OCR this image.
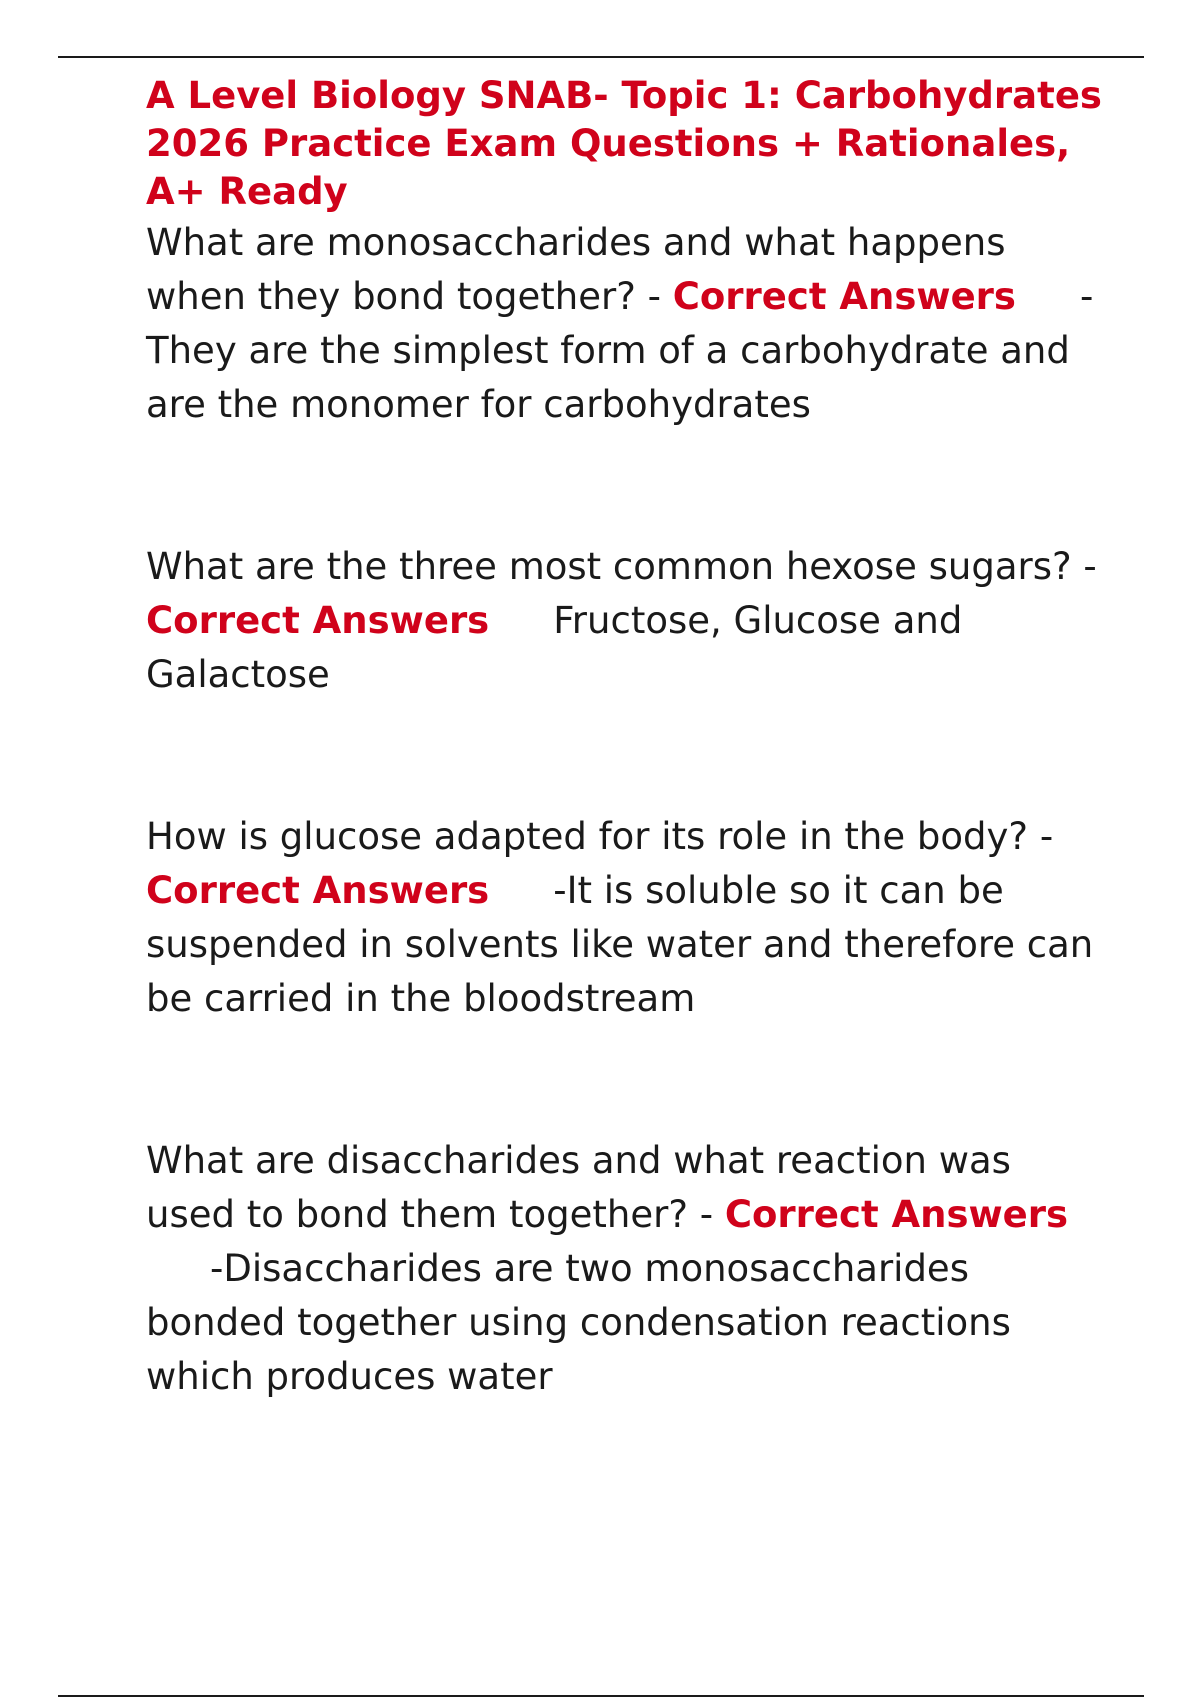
A Level Biology SNAB- Topic 1: Carbohydrates 2026 Practice Exam Questions + Rationales, A+ Ready

What are monosaccharides and what happens when they bond together? - Correct Answers -They are the simplest form of a carbohydrate and are the monomer for carbohydrates

What are the three most common hexose sugars? - Correct Answers Fructose, Glucose and Galactose

How is glucose adapted for its role in the body? - Correct Answers -It is soluble so it can be suspended in solvents like water and therefore can be carried in the bloodstream

What are disaccharides and what reaction was used to bond them together? - Correct Answers-Disaccharides are two monosaccharides bonded together using condensation reactions which produces water
